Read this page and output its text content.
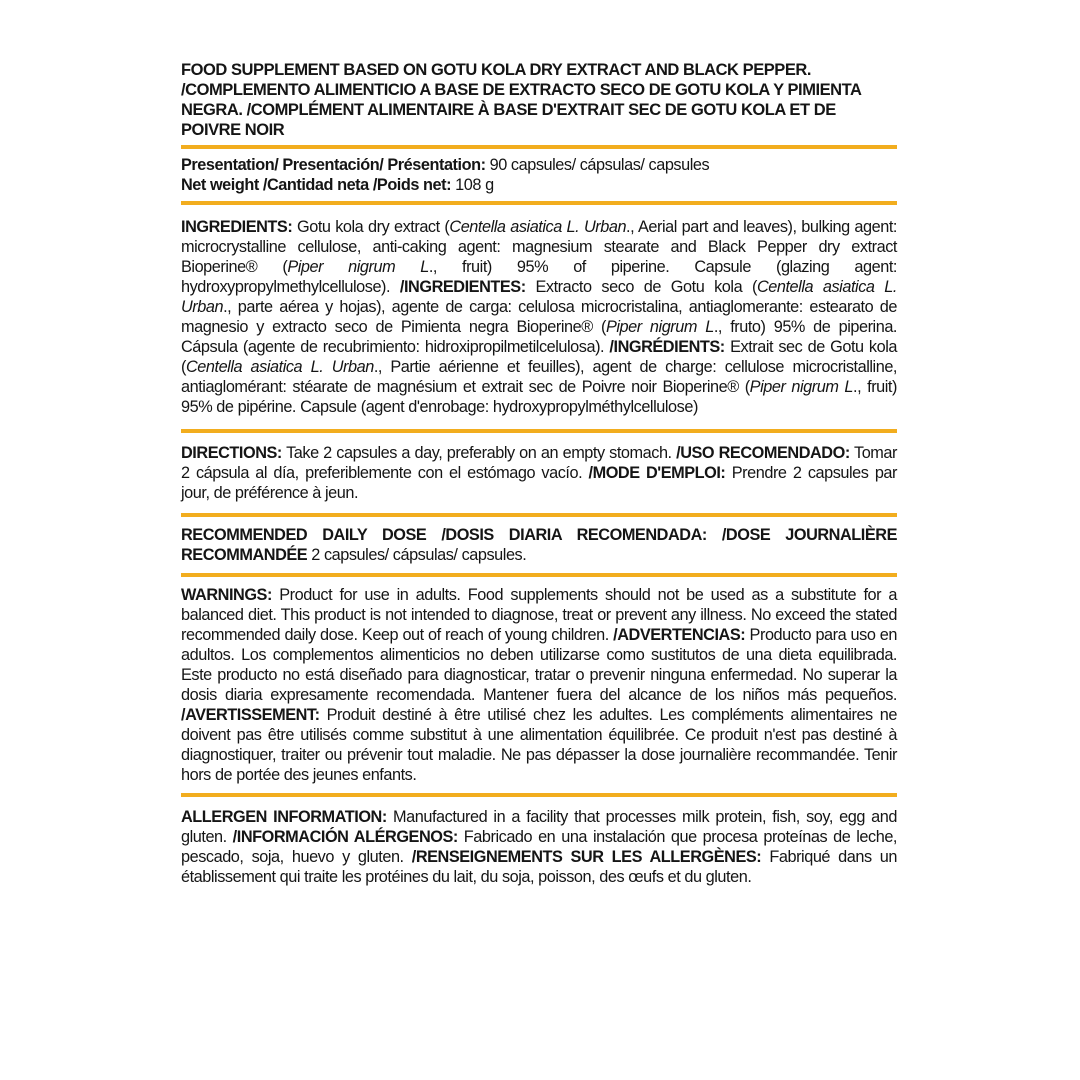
FOOD SUPPLEMENT BASED ON GOTU KOLA DRY EXTRACT AND BLACK PEPPER. /COMPLEMENTO ALIMENTICIO A BASE DE EXTRACTO SECO DE GOTU KOLA Y PIMIENTA NEGRA. /COMPLÉMENT ALIMENTAIRE À BASE D'EXTRAIT SEC DE GOTU KOLA ET DE POIVRE NOIR

Presentation/ Presentación/ Présentation: 90 capsules/ cápsulas/ capsules

Net weight /Cantidad neta /Poids net: 108 g

INGREDIENTS: Gotu kola dry extract (Centella asiatica L. Urban., Aerial part and leaves), bulking agent: microcrystalline cellulose, anti-caking agent: magnesium stearate and Black Pepper dry extract Bioperine® (Piper nigrum L., fruit) 95% of piperine. Capsule (glazing agent: hydroxypropylmethylcellulose). /INGREDIENTES: Extracto seco de Gotu kola (Centella asiatica L. Urban., parte aérea y hojas), agente de carga: celulosa microcristalina, antiaglomerante: estearato de magnesio y extracto seco de Pimienta negra Bioperine® (Piper nigrum L., fruto) 95% de piperina. Cápsula (agente de recubrimiento: hidroxipropilmetilcelulosa). /INGRÉDIENTS: Extrait sec de Gotu kola (Centella asiatica L. Urban., Partie aérienne et feuilles), agent de charge: cellulose microcristalline, antiaglomérant: stéarate de magnésium et extrait sec de Poivre noir Bioperine® (Piper nigrum L., fruit) 95% de pipérine. Capsule (agent d'enrobage: hydroxypropylméthylcellulose)

DIRECTIONS: Take 2 capsules a day, preferably on an empty stomach. /USO RECOMENDADO: Tomar 2 cápsula al día, preferiblemente con el estómago vacío. /MODE D'EMPLOI: Prendre 2 capsules par jour, de préférence à jeun.

RECOMMENDED DAILY DOSE /DOSIS DIARIA RECOMENDADA: /DOSE JOURNALIÈRE RECOMMANDÉE 2 capsules/ cápsulas/ capsules.

WARNINGS: Product for use in adults. Food supplements should not be used as a substitute for a balanced diet. This product is not intended to diagnose, treat or prevent any illness. No exceed the stated recommended daily dose. Keep out of reach of young children. /ADVERTENCIAS: Producto para uso en adultos. Los complementos alimenticios no deben utilizarse como sustitutos de una dieta equilibrada. Este producto no está diseñado para diagnosticar, tratar o prevenir ninguna enfermedad. No superar la dosis diaria expresamente recomendada. Mantener fuera del alcance de los niños más pequeños. /AVERTISSEMENT: Produit destiné à être utilisé chez les adultes. Les compléments alimentaires ne doivent pas être utilisés comme substitut à une alimentation équilibrée. Ce produit n'est pas destiné à diagnostiquer, traiter ou prévenir tout maladie. Ne pas dépasser la dose journalière recommandée. Tenir hors de portée des jeunes enfants.

ALLERGEN INFORMATION: Manufactured in a facility that processes milk protein, fish, soy, egg and gluten. /INFORMACIÓN ALÉRGENOS: Fabricado en una instalación que procesa proteínas de leche, pescado, soja, huevo y gluten. /RENSEIGNEMENTS SUR LES ALLERGÈNES: Fabriqué dans un établissement qui traite les protéines du lait, du soja, poisson, des œufs et du gluten.
